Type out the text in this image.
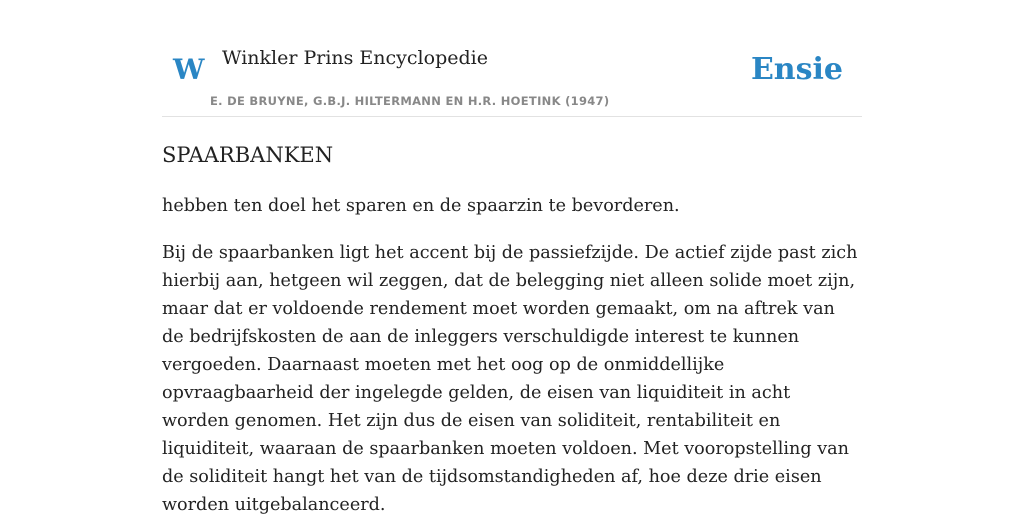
W Winkler Prins Encyclopedie
E. DE BRUYNE, G.B.J. HILTERMANN EN H.R. HOETINK (1947)
Ensie
SPAARBANKEN

hebben ten doel het sparen en de spaarzin te bevorderen.

Bij de spaarbanken ligt het accent bij de passiefzijde. De actief zijde past zich hierbij aan, hetgeen wil zeggen, dat de belegging niet alleen solide moet zijn, maar dat er voldoende rendement moet worden gemaakt, om na aftrek van de bedrijfskosten de aan de inleggers verschuldigde interest te kunnen vergoeden. Daarnaast moeten met het oog op de onmiddellijke opvraagbaarheid der ingelegde gelden, de eisen van liquiditeit in acht worden genomen. Het zijn dus de eisen van soliditeit, rentabiliteit en liquiditeit, waaraan de spaarbanken moeten voldoen. Met vooropstelling van de soliditeit hangt het van de tijdsomstandigheden af, hoe deze drie eisen worden uitgebalanceerd.
